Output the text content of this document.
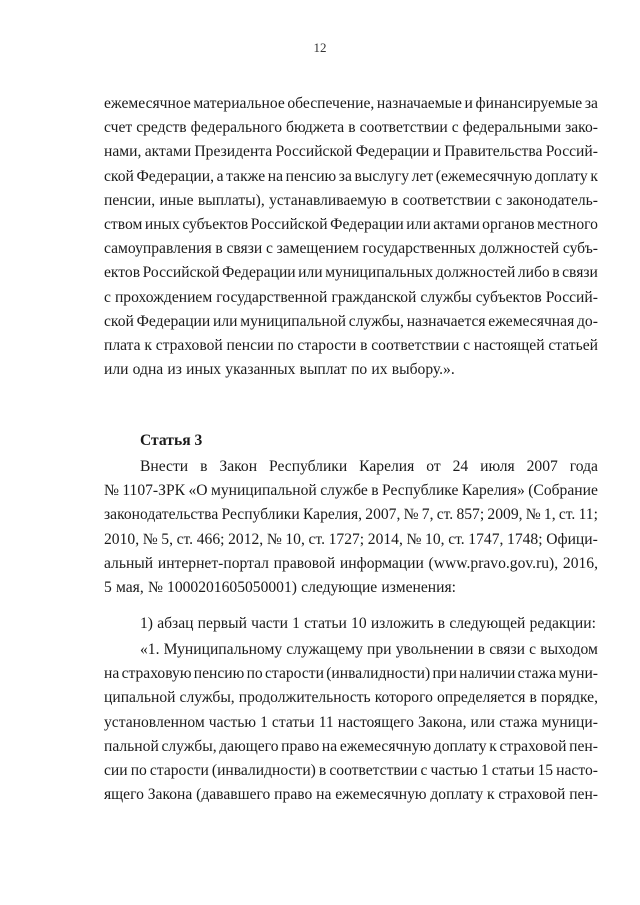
12
ежемесячное материальное обеспечение, назначаемые и финансируемые за
счет средств федерального бюджета в соответствии с федеральными зако-
нами, актами Президента Российской Федерации и Правительства Россий-
ской Федерации, а также на пенсию за выслугу лет (ежемесячную доплату к
пенсии, иные выплаты), устанавливаемую в соответствии с законодатель-
ством иных субъектов Российской Федерации или актами органов местного
самоуправления в связи с замещением государственных должностей субъ-
ектов Российской Федерации или муниципальных должностей либо в связи
с прохождением государственной гражданской службы субъектов Россий-
ской Федерации или муниципальной службы, назначается ежемесячная до-
плата к страховой пенсии по старости в соответствии с настоящей статьей
или одна из иных указанных выплат по их выбору.».
Статья 3
Внести в Закон Республики Карелия от 24 июля 2007 года
№ 1107-ЗРК «О муниципальной службе в Республике Карелия» (Собрание
законодательства Республики Карелия, 2007, № 7, ст. 857; 2009, № 1, ст. 11;
2010, № 5, ст. 466; 2012, № 10, ст. 1727; 2014, № 10, ст. 1747, 1748; Офици-
альный интернет-портал правовой информации (www.pravo.gov.ru), 2016,
5 мая, № 1000201605050001) следующие изменения:
1) абзац первый части 1 статьи 10 изложить в следующей редакции:
«1. Муниципальному служащему при увольнении в связи с выходом
на страховую пенсию по старости (инвалидности) при наличии стажа муни-
ципальной службы, продолжительность которого определяется в порядке,
установленном частью 1 статьи 11 настоящего Закона, или стажа муници-
пальной службы, дающего право на ежемесячную доплату к страховой пен-
сии по старости (инвалидности) в соответствии с частью 1 статьи 15 насто-
ящего Закона (дававшего право на ежемесячную доплату к страховой пен-
